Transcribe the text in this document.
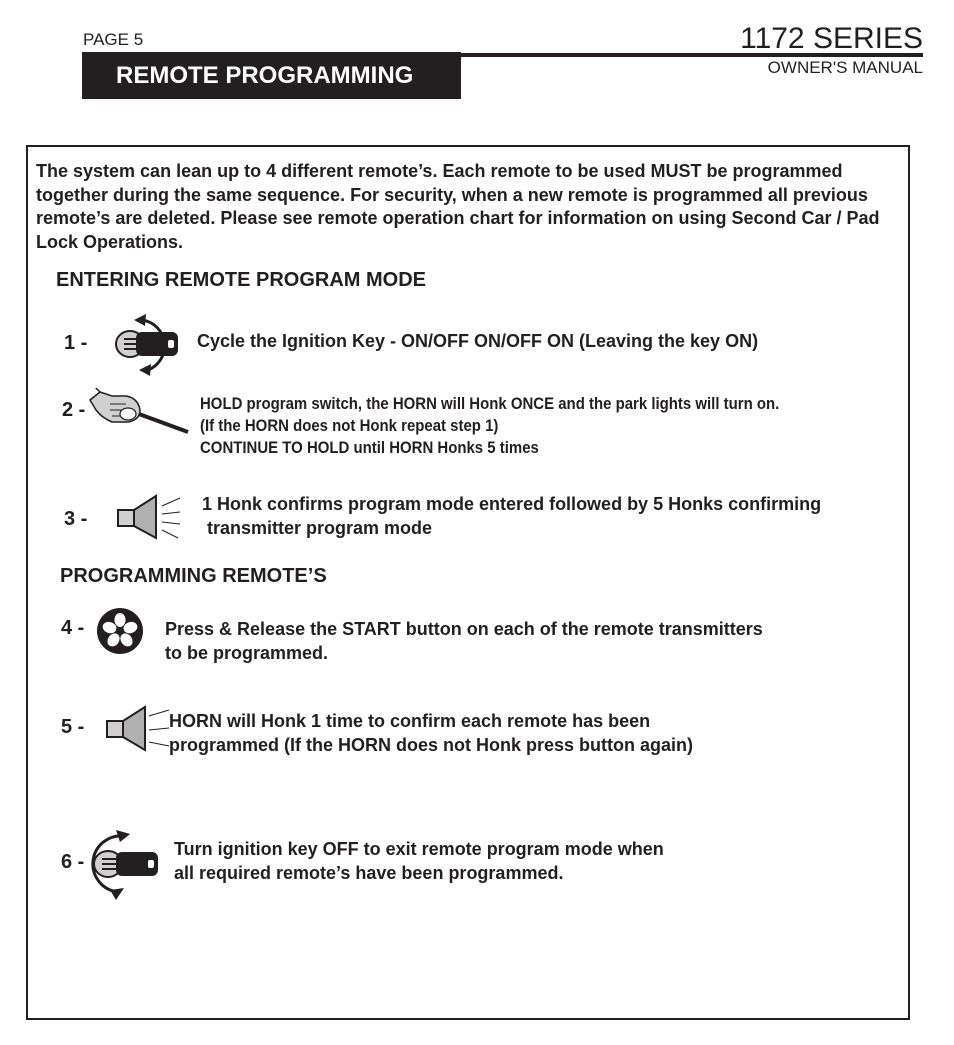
PAGE 5
REMOTE PROGRAMMING
1172 SERIES
OWNER'S MANUAL
The system can lean up to 4 different remote’s. Each remote to be used MUST be programmed together during the same sequence. For security, when a new remote is programmed all previous remote’s are deleted. Please see remote operation chart for information on using Second Car / Pad Lock Operations.
ENTERING REMOTE PROGRAM MODE
1 -	Cycle the Ignition Key - ON/OFF ON/OFF ON (Leaving the key ON)
2 -	HOLD program switch, the HORN will Honk ONCE and the park lights will turn on.
(If the HORN does not Honk repeat step 1)
CONTINUE TO HOLD until HORN Honks 5 times
3 -
1 Honk confirms program mode entered followed by 5 Honks confirming
transmitter program mode
PROGRAMMING REMOTE’S
4 -	Press & Release the START button on each of the remote transmitters
to be programmed.
5 -	HORN will Honk 1 time to confirm each remote has been
programmed (If the HORN does not Honk press button again)
6 -
Turn ignition key OFF to exit remote program mode when
all required remote’s have been programmed.
